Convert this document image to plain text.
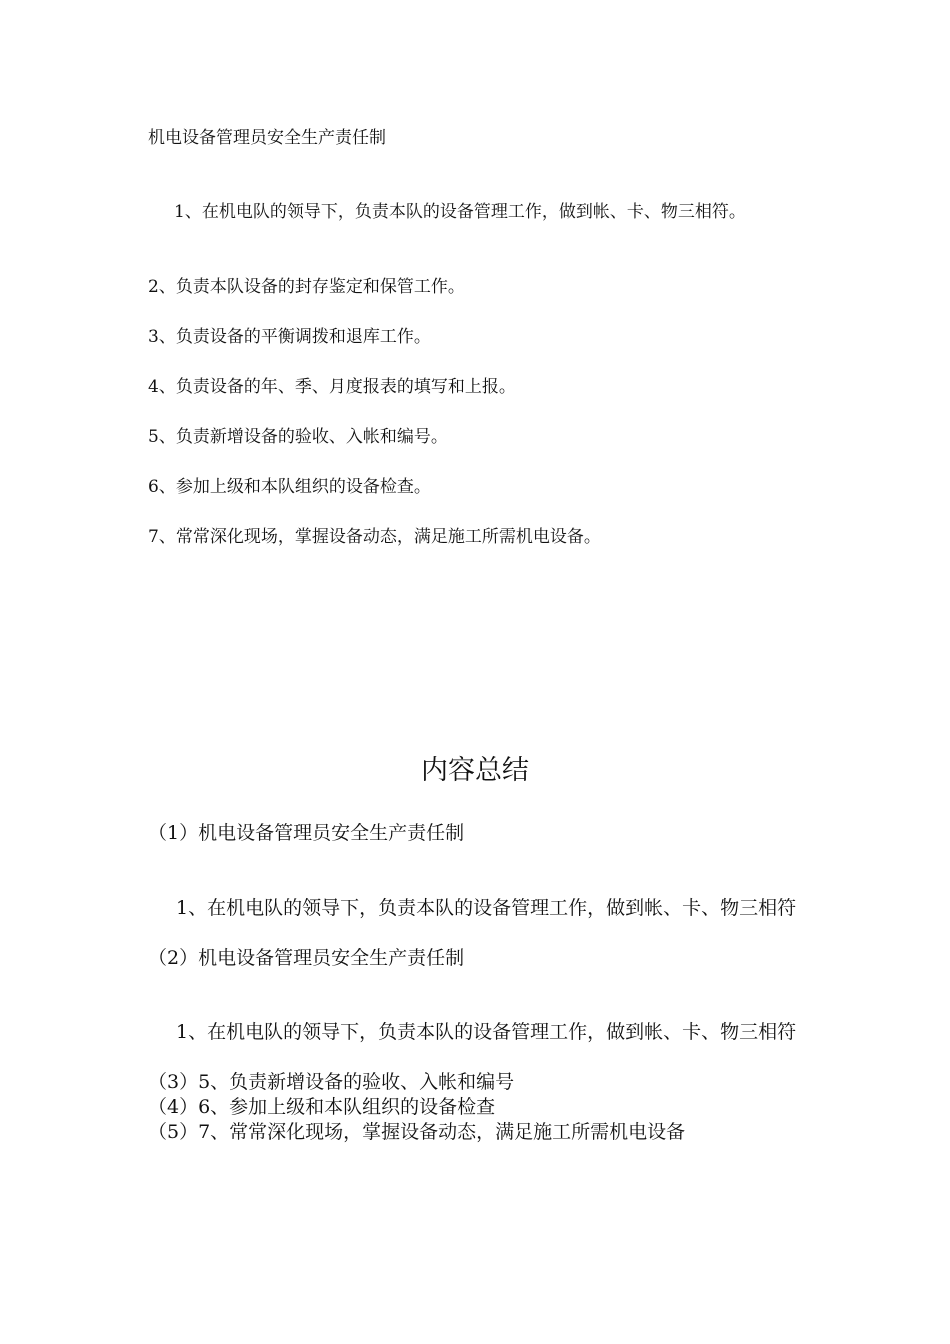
机电设备管理员安全生产责任制
1、在机电队的领导下，负责本队的设备管理工作，做到帐、卡、物三相符。
2、负责本队设备的封存鉴定和保管工作。
3、负责设备的平衡调拨和退库工作。
4、负责设备的年、季、月度报表的填写和上报。
5、负责新增设备的验收、入帐和编号。
6、参加上级和本队组织的设备检查。
7、常常深化现场，掌握设备动态，满足施工所需机电设备。
内容总结
（1）机电设备管理员安全生产责任制
1、在机电队的领导下，负责本队的设备管理工作，做到帐、卡、物三相符
（2）机电设备管理员安全生产责任制
1、在机电队的领导下，负责本队的设备管理工作，做到帐、卡、物三相符
（3）5、负责新增设备的验收、入帐和编号
（4）6、参加上级和本队组织的设备检查
（5）7、常常深化现场，掌握设备动态，满足施工所需机电设备
